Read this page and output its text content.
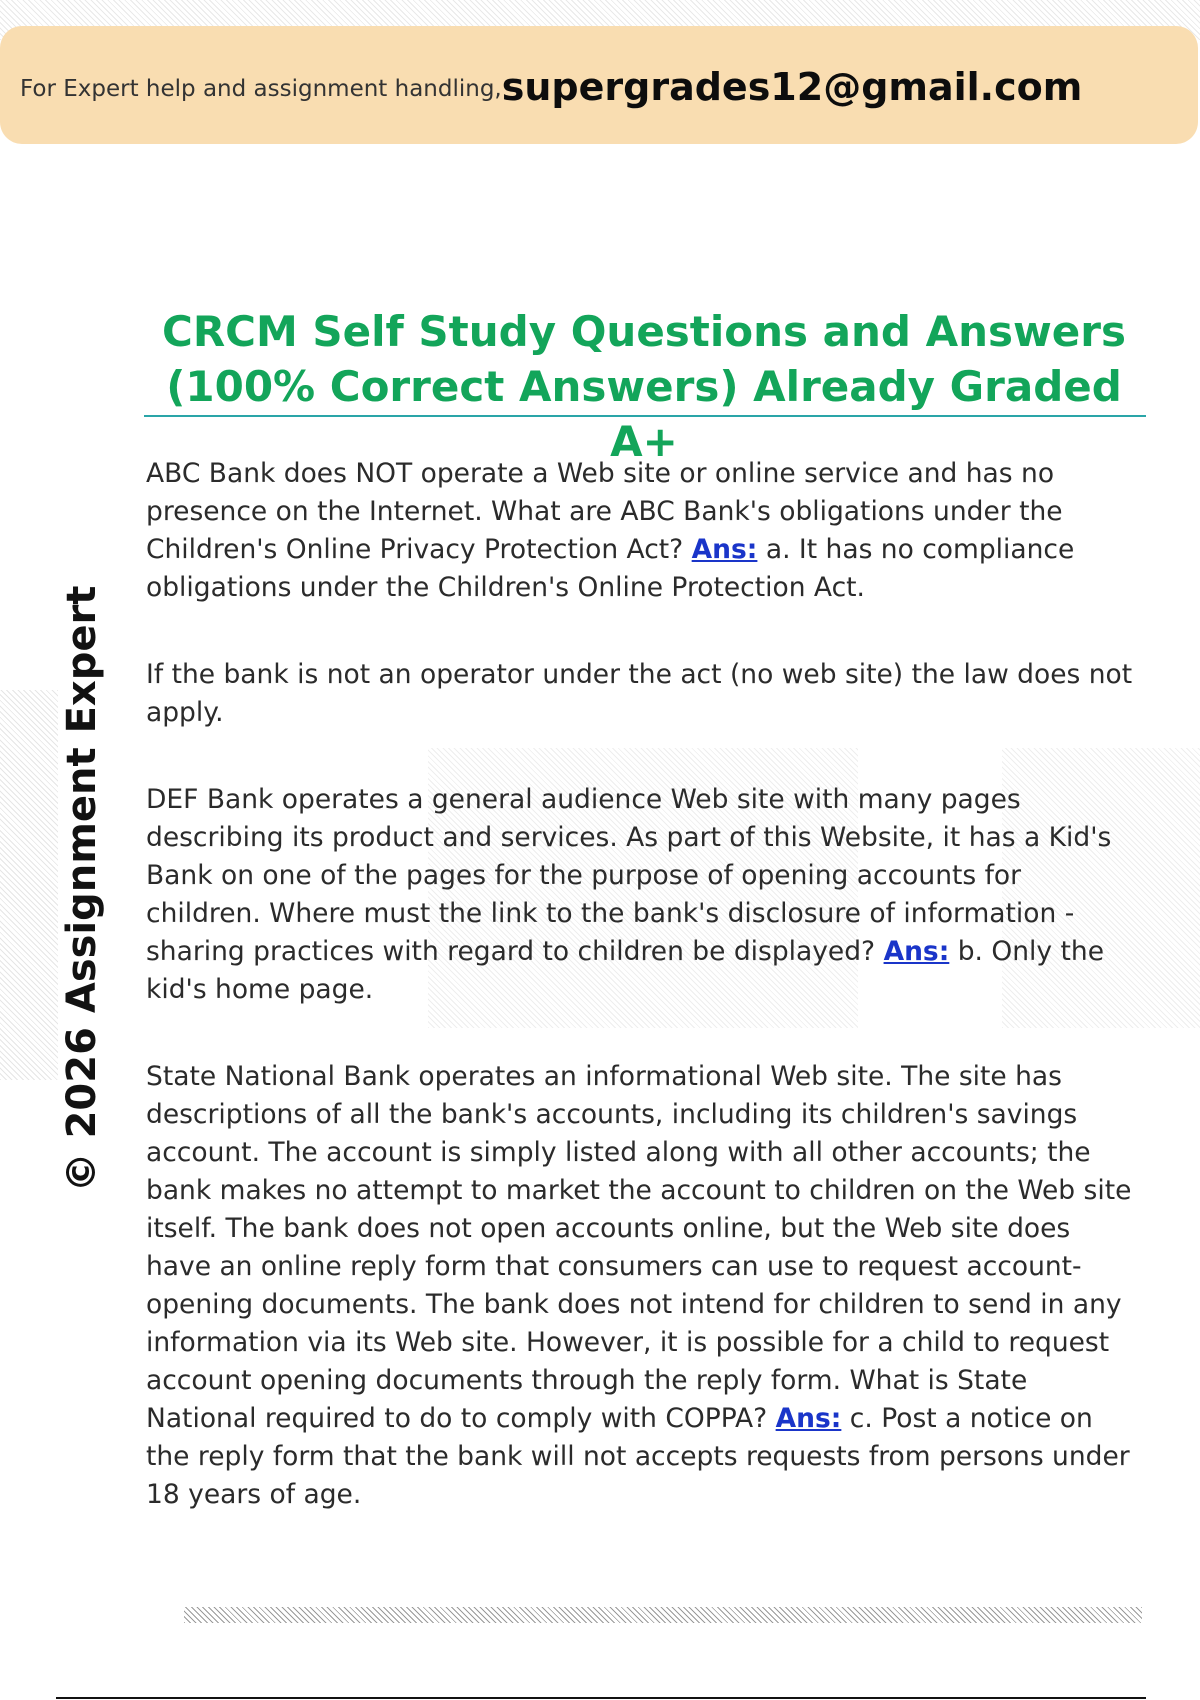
For Expert help and assignment handling, supergrades12@gmail.com
© 2026 Assignment Expert
CRCM Self Study Questions and Answers
(100% Correct Answers) Already Graded A+

ABC Bank does NOT operate a Web site or online service and has no presence on the Internet. What are ABC Bank's obligations under the Children's Online Privacy Protection Act? Ans: a. It has no compliance obligations under the Children's Online Protection Act.

If the bank is not an operator under the act (no web site) the law does not apply.

DEF Bank operates a general audience Web site with many pages describing its product and services. As part of this Website, it has a Kid's Bank on one of the pages for the purpose of opening accounts for children. Where must the link to the bank's disclosure of information -sharing practices with regard to children be displayed? Ans: b. Only the kid's home page.

State National Bank operates an informational Web site. The site has descriptions of all the bank's accounts, including its children's savings account. The account is simply listed along with all other accounts; the bank makes no attempt to market the account to children on the Web site itself. The bank does not open accounts online, but the Web site does have an online reply form that consumers can use to request account-opening documents. The bank does not intend for children to send in any information via its Web site. However, it is possible for a child to request account opening documents through the reply form. What is State National required to do to comply with COPPA? Ans: c. Post a notice on the reply form that the bank will not accepts requests from persons under 18 years of age.
